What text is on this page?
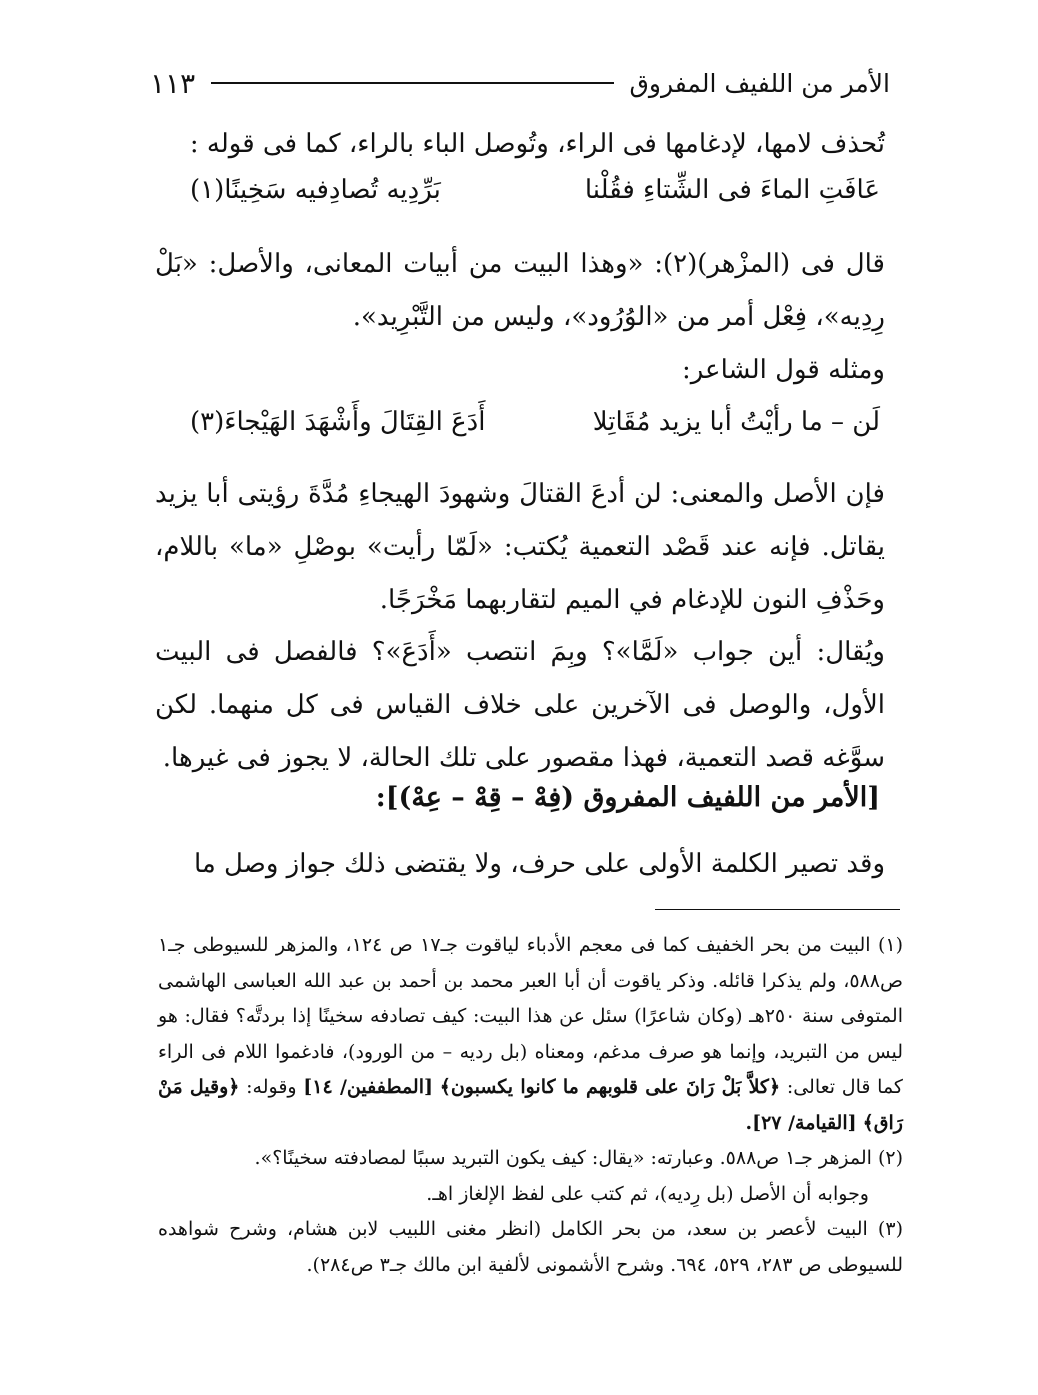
الأمر من اللفيف المفروق
١١٣

تُحذف لامها، لإدغامها فى الراء، وتُوصل الباء بالراء، كما فى قوله :

عَافَتِ الماءَ فى الشِّتاءِ فقُلْنا
بَرِّدِيه تُصادِفيه سَخِينًا(١)

قال فى (المزْهر)(٢): «وهذا البيت من أبيات المعانى، والأصل: «بَلْ رِدِيه»، فِعْل أمر من «الوُرُود»، وليس من التَّبْرِيد».

ومثله قول الشاعر:

لَن – ما رأيْتُ أبا يزيد مُقَاتِلا
أَدَعَ القِتَالَ وأَشْهَدَ الهَيْجاءَ(٣)

فإن الأصل والمعنى: لن أدعَ القتالَ وشهودَ الهيجاءِ مُدَّةَ رؤيتى أبا يزيد يقاتل. فإنه عند قَصْد التعمية يُكتب: «لَمّا رأيت» بوصْلِ «ما» باللام، وحَذْفِ النون للإدغام في الميم لتقاربهما مَخْرَجًا.

ويُقال: أين جواب «لَمَّا»؟ وبِمَ انتصب «أَدَعَ»؟ فالفصل فى البيت الأول، والوصل فى الآخرين على خلاف القياس فى كل منهما. لكن سوَّغه قصد التعمية، فهذا مقصور على تلك الحالة، لا يجوز فى غيرها.

[الأمر من اللفيف المفروق (فِهْ – قِهْ – عِهْ)]:

وقد تصير الكلمة الأولى على حرف، ولا يقتضى ذلك جواز وصل ما

(١) البيت من بحر الخفيف كما فى معجم الأدباء لياقوت جـ١٧ ص ١٢٤، والمزهر للسيوطى جـ١ ص٥٨٨، ولم يذكرا قائله. وذكر ياقوت أن أبا العبر محمد بن أحمد بن عبد الله العباسى الهاشمى المتوفى سنة ٢٥٠هـ (وكان شاعرًا) سئل عن هذا البيت: كيف تصادفه سخينًا إذا بردتَّه؟ فقال: هو ليس من التبريد، وإنما هو صرف مدغم، ومعناه (بل رديه – من الورود)، فادغموا اللام فى الراء كما قال تعالى: ﴿كلاَّ بَلْ رَانَ على قلوبهم ما كانوا يكسبون﴾ [المطففين/ ١٤] وقوله: ﴿وقيل مَنْ رَاق﴾ [القيامة/ ٢٧].

(٢) المزهر جـ١ ص٥٨٨. وعبارته: «يقال: كيف يكون التبريد سببًا لمصادفته سخينًا؟».

وجوابه أن الأصل (بل رِديه)، ثم كتب على لفظ الإلغاز اهـ.

(٣) البيت لأعصر بن سعد، من بحر الكامل (انظر مغنى اللبيب لابن هشام، وشرح شواهده للسيوطى ص ٢٨٣، ٥٢٩، ٦٩٤. وشرح الأشمونى لألفية ابن مالك جـ٣ ص٢٨٤).
